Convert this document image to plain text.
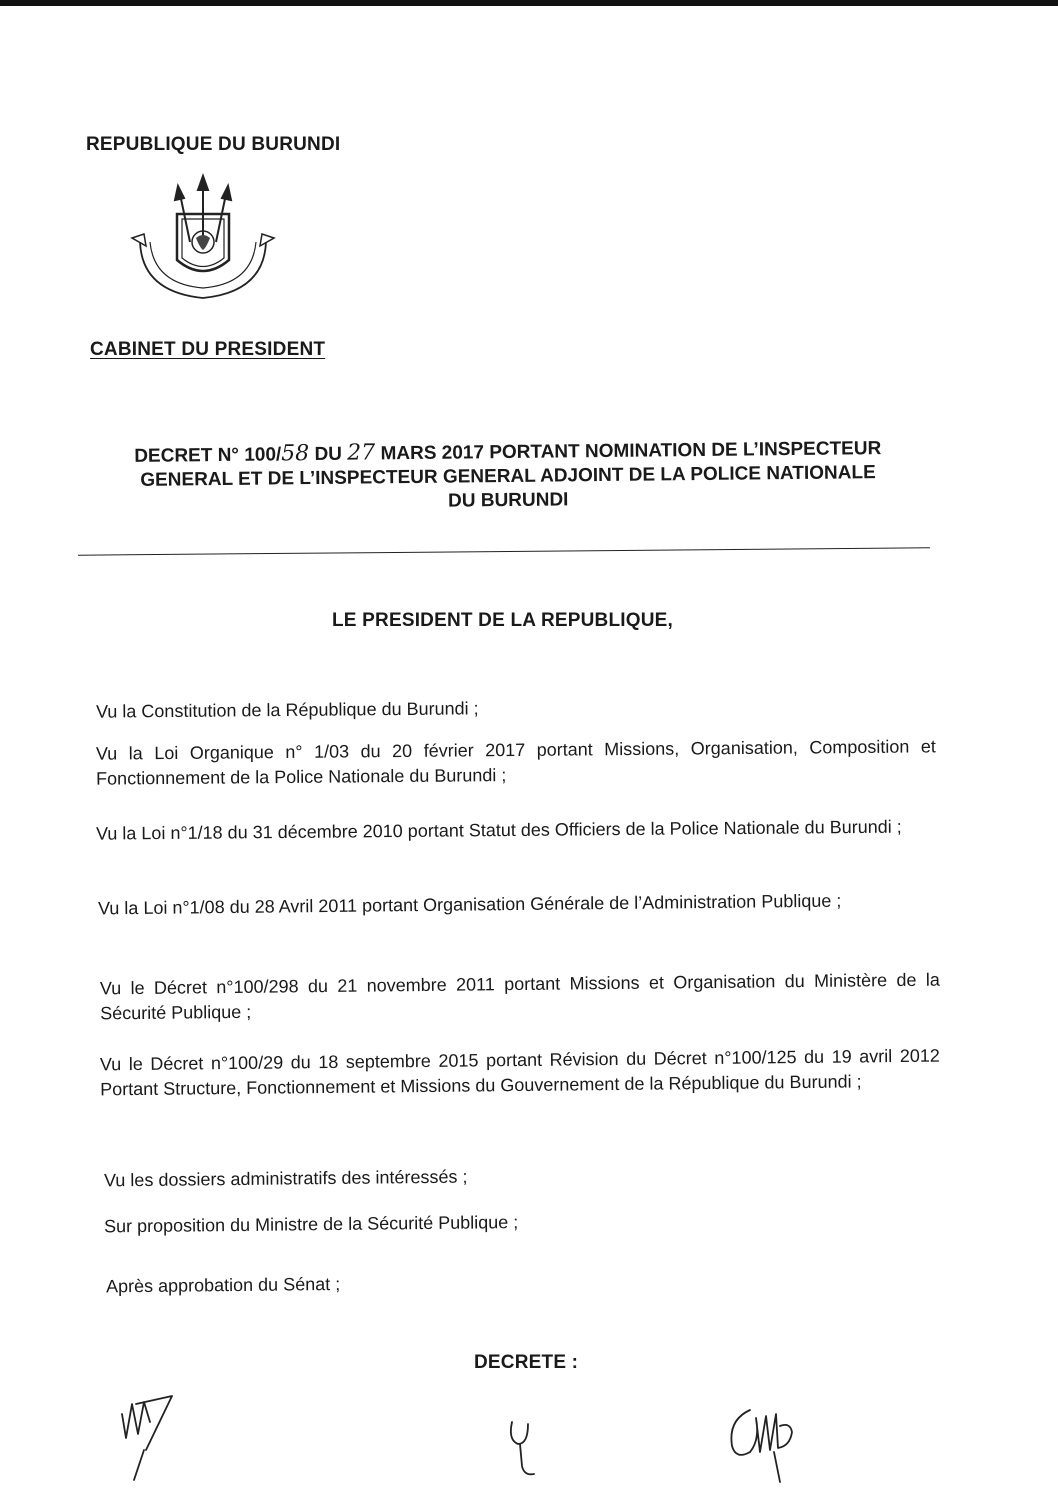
REPUBLIQUE DU BURUNDI
CABINET DU PRESIDENT
DECRET N° 100/58 DU 27 MARS 2017 PORTANT NOMINATION DE L’INSPECTEUR
GENERAL ET DE L’INSPECTEUR GENERAL ADJOINT DE LA POLICE NATIONALE
DU BURUNDI
LE PRESIDENT DE LA REPUBLIQUE,
Vu la Constitution de la République du Burundi ;
Vu la Loi Organique n° 1/03 du 20 février 2017 portant Missions, Organisation, Composition et Fonctionnement de la Police Nationale du Burundi ;
Vu la Loi n°1/18 du 31 décembre 2010 portant Statut des Officiers de la Police Nationale du Burundi ;
Vu la Loi n°1/08 du 28 Avril 2011 portant Organisation Générale de l’Administration Publique ;
Vu le Décret n°100/298 du 21 novembre 2011 portant Missions et Organisation du Ministère de la Sécurité Publique ;
Vu le Décret n°100/29 du 18 septembre 2015 portant Révision du Décret n°100/125 du 19 avril 2012 Portant Structure, Fonctionnement et Missions du Gouvernement de la République du Burundi ;
Vu les dossiers administratifs des intéressés ;
Sur proposition du Ministre de la Sécurité Publique ;
Après approbation du Sénat ;
DECRETE :
